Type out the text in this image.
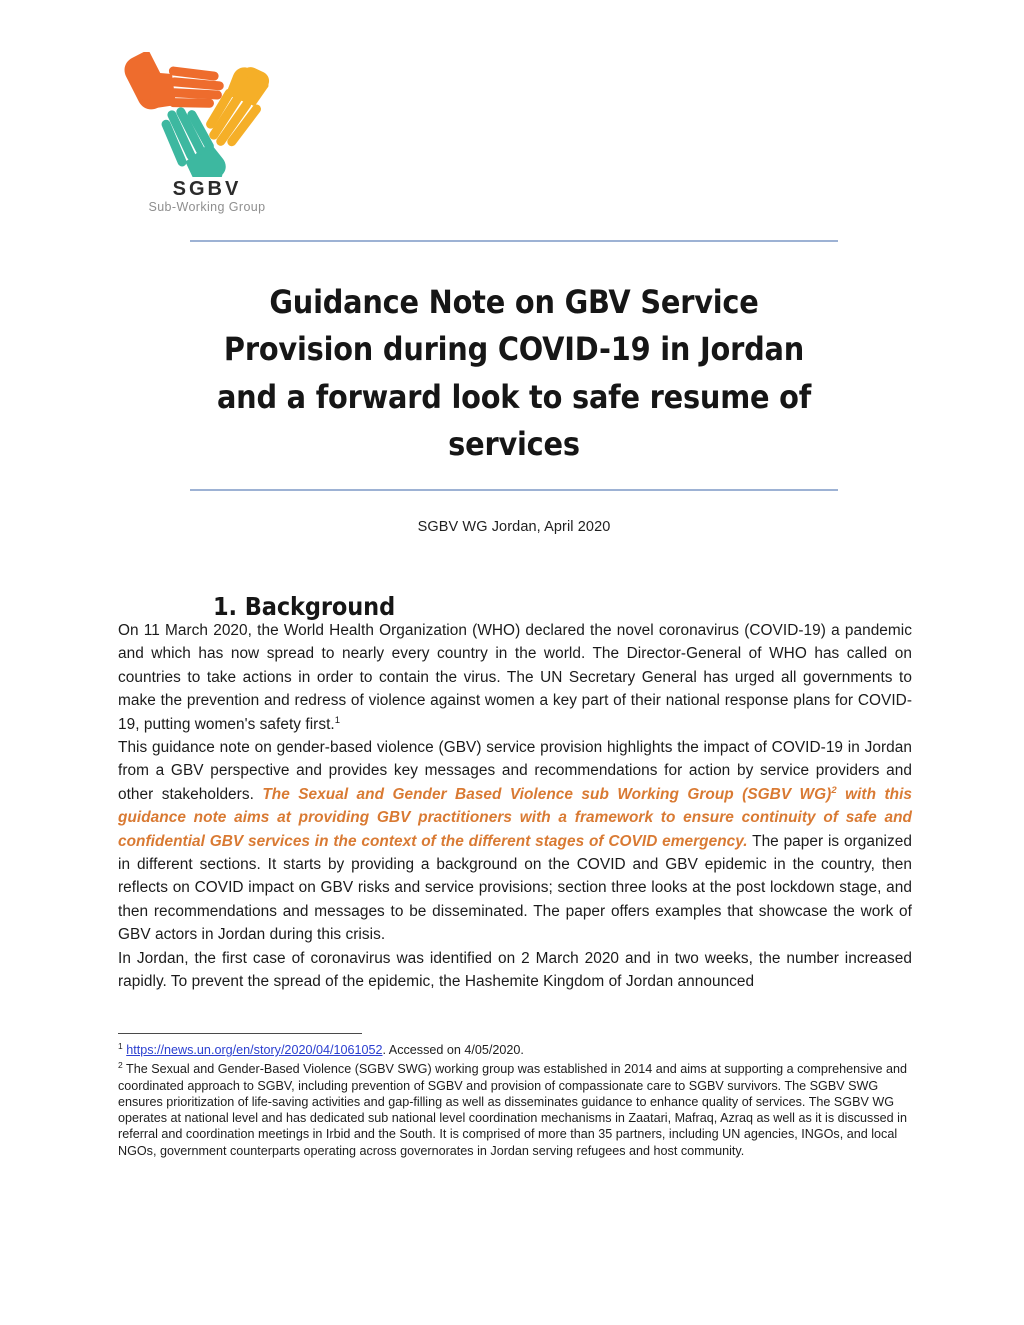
SGBV
Sub-Working Group
Guidance Note on GBV Service Provision during COVID-19 in Jordan and a forward look to safe resume of services
SGBV WG Jordan, April 2020
1. Background

On 11 March 2020, the World Health Organization (WHO) declared the novel coronavirus (COVID-19) a pandemic and which has now spread to nearly every country in the world. The Director-General of WHO has called on countries to take actions in order to contain the virus. The UN Secretary General has urged all governments to make the prevention and redress of violence against women a key part of their national response plans for COVID-19, putting women's safety first.$^1$

This guidance note on gender-based violence (GBV) service provision highlights the impact of COVID-19 in Jordan from a GBV perspective and provides key messages and recommendations for action by service providers and other stakeholders. The Sexual and Gender Based Violence sub Working Group (SGBV WG)$^2$ with this guidance note aims at providing GBV practitioners with a framework to ensure continuity of safe and confidential GBV services in the context of the different stages of COVID emergency. The paper is organized in different sections. It starts by providing a background on the COVID and GBV epidemic in the country, then reflects on COVID impact on GBV risks and service provisions; section three looks at the post lockdown stage, and then recommendations and messages to be disseminated. The paper offers examples that showcase the work of GBV actors in Jordan during this crisis.

In Jordan, the first case of coronavirus was identified on 2 March 2020 and in two weeks, the number increased rapidly. To prevent the spread of the epidemic, the Hashemite Kingdom of Jordan announced

$^1$ https://news.un.org/en/story/2020/04/1061052. Accessed on 4/05/2020.

$^2$ The Sexual and Gender-Based Violence (SGBV SWG) working group was established in 2014 and aims at supporting a comprehensive and coordinated approach to SGBV, including prevention of SGBV and provision of compassionate care to SGBV survivors. The SGBV SWG ensures prioritization of life-saving activities and gap-filling as well as disseminates guidance to enhance quality of services. The SGBV WG operates at national level and has dedicated sub national level coordination mechanisms in Zaatari, Mafraq, Azraq as well as it is discussed in referral and coordination meetings in Irbid and the South. It is comprised of more than 35 partners, including UN agencies, INGOs, and local NGOs, government counterparts operating across governorates in Jordan serving refugees and host community.
